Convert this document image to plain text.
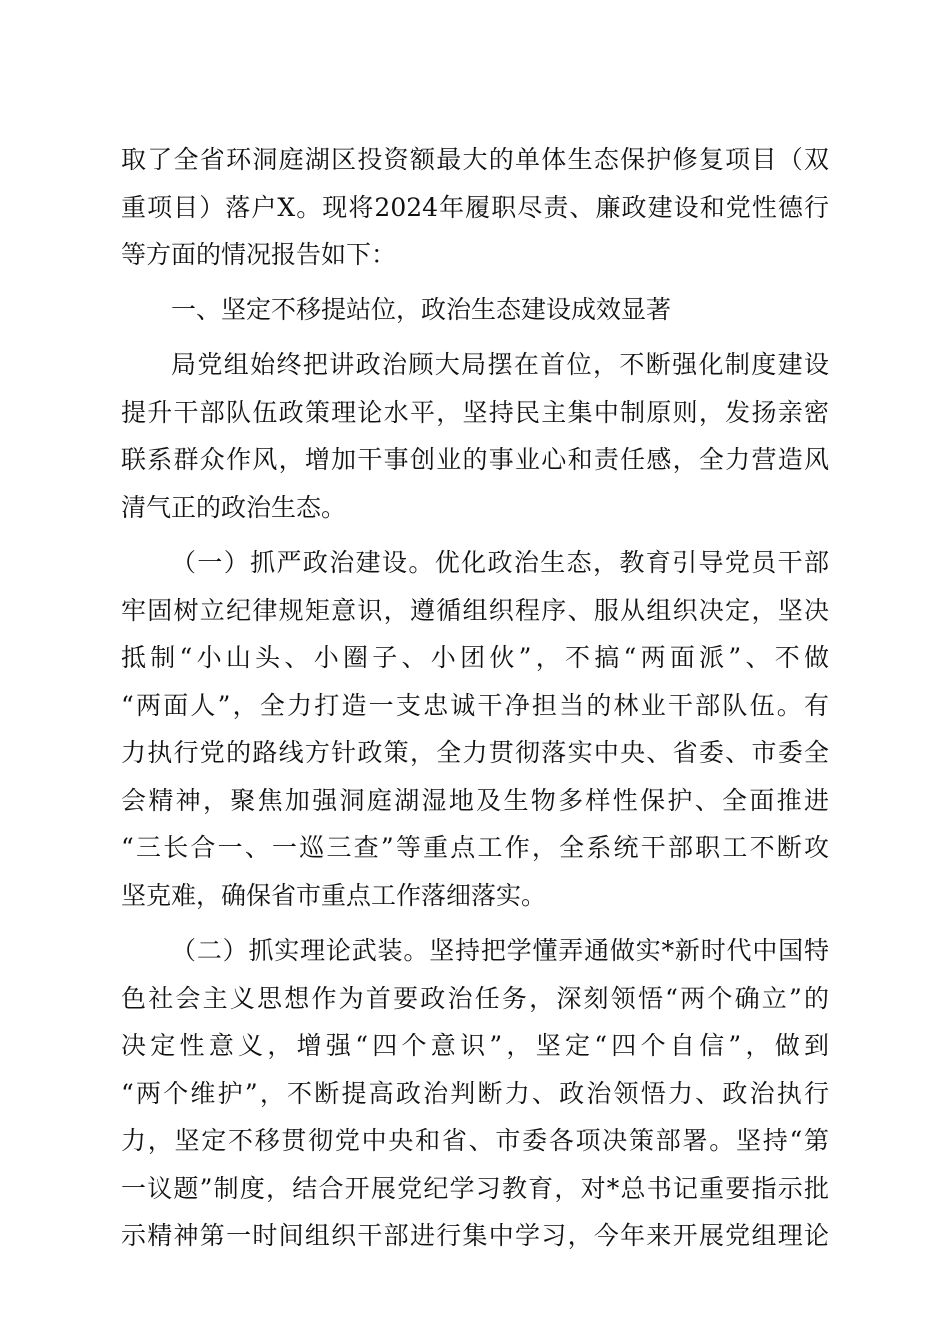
取了全省环洞庭湖区投资额最大的单体生态保护修复项目（双
重项目）落户X。现将2024年履职尽责、廉政建设和党性德行
等方面的情况报告如下：
一、坚定不移提站位，政治生态建设成效显著
局党组始终把讲政治顾大局摆在首位，不断强化制度建设
提升干部队伍政策理论水平，坚持民主集中制原则，发扬亲密
联系群众作风，增加干事创业的事业心和责任感，全力营造风
清气正的政治生态。
（一）抓严政治建设。优化政治生态，教育引导党员干部
牢固树立纪律规矩意识，遵循组织程序、服从组织决定，坚决
抵制“小山头、小圈子、小团伙”，不搞“两面派”、不做
“两面人”，全力打造一支忠诚干净担当的林业干部队伍。有
力执行党的路线方针政策，全力贯彻落实中央、省委、市委全
会精神，聚焦加强洞庭湖湿地及生物多样性保护、全面推进
“三长合一、一巡三查”等重点工作，全系统干部职工不断攻
坚克难，确保省市重点工作落细落实。
（二）抓实理论武装。坚持把学懂弄通做实*新时代中国特
色社会主义思想作为首要政治任务，深刻领悟“两个确立”的
决定性意义，增强“四个意识”，坚定“四个自信”，做到
“两个维护”，不断提高政治判断力、政治领悟力、政治执行
力，坚定不移贯彻党中央和省、市委各项决策部署。坚持“第
一议题”制度，结合开展党纪学习教育，对*总书记重要指示批
示精神第一时间组织干部进行集中学习，今年来开展党组理论
